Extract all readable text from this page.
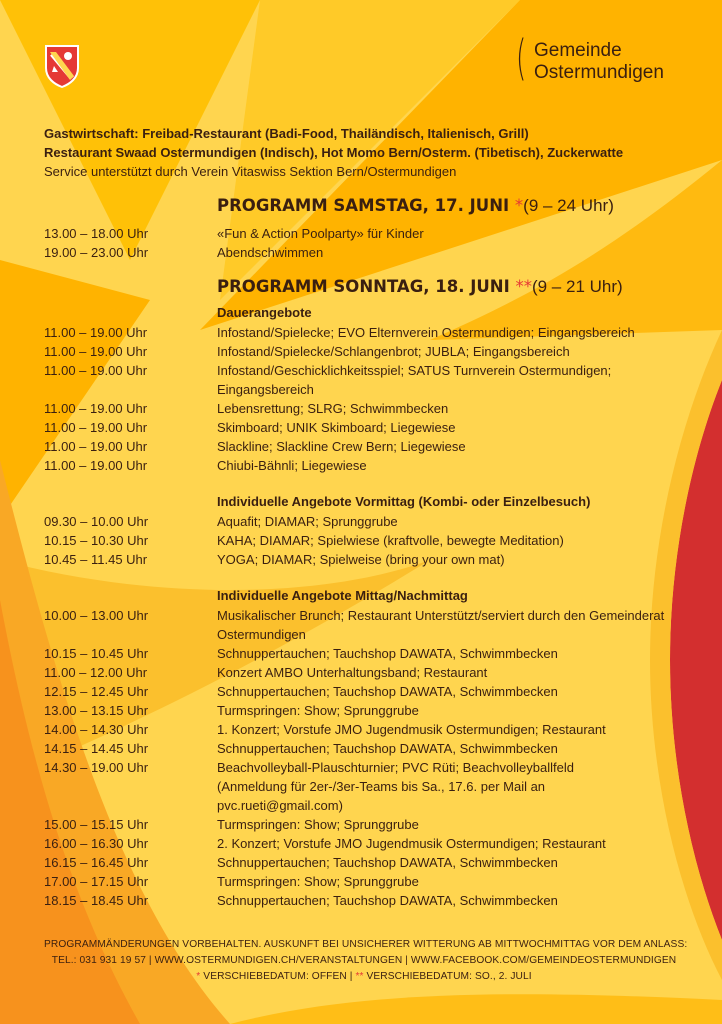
( Gemeinde
Ostermundigen
Gastwirtschaft: Freibad-Restaurant (Badi-Food, Thailändisch, Italienisch, Grill)
Restaurant Swaad Ostermundigen (Indisch), Hot Momo Bern/Osterm. (Tibetisch), Zuckerwatte
Service unterstützt durch Verein Vitaswiss Sektion Bern/Ostermundigen
PROGRAMM SAMSTAG, 17. JUNI *(9 – 24 Uhr)
13.00 – 18.00 Uhr	«Fun & Action Poolparty» für Kinder
19.00 – 23.00 Uhr	Abendschwimmen
PROGRAMM SONNTAG, 18. JUNI **(9 – 21 Uhr)
Dauerangebote
11.00 – 19.00 Uhr	Infostand/Spielecke; EVO Elternverein Ostermundigen; Eingangsbereich
11.00 – 19.00 Uhr	Infostand/Spielecke/Schlangenbrot; JUBLA; Eingangsbereich
11.00 – 19.00 Uhr	Infostand/Geschicklichkeitsspiel; SATUS Turnverein Ostermundigen; Eingangsbereich
11.00 – 19.00 Uhr	Lebensrettung; SLRG; Schwimmbecken
11.00 – 19.00 Uhr	Skimboard; UNIK Skimboard; Liegewiese
11.00 – 19.00 Uhr	Slackline; Slackline Crew Bern; Liegewiese
11.00 – 19.00 Uhr	Chiubi-Bähnli; Liegewiese
Individuelle Angebote Vormittag (Kombi- oder Einzelbesuch)
09.30 – 10.00 Uhr	Aquafit; DIAMAR; Sprunggrube
10.15 – 10.30 Uhr	KAHA; DIAMAR; Spielwiese (kraftvolle, bewegte Meditation)
10.45 – 11.45 Uhr	YOGA; DIAMAR; Spielweise (bring your own mat)
Individuelle Angebote Mittag/Nachmittag
10.00 – 13.00 Uhr	Musikalischer Brunch; Restaurant Unterstützt/serviert durch den Gemeinderat Ostermundigen
10.15 – 10.45 Uhr	Schnuppertauchen; Tauchshop DAWATA, Schwimmbecken
11.00 – 12.00 Uhr	Konzert AMBO Unterhaltungsband; Restaurant
12.15 – 12.45 Uhr	Schnuppertauchen; Tauchshop DAWATA, Schwimmbecken
13.00 – 13.15 Uhr	Turmspringen: Show; Sprunggrube
14.00 – 14.30 Uhr	1. Konzert; Vorstufe JMO Jugendmusik Ostermundigen; Restaurant
14.15 – 14.45 Uhr	Schnuppertauchen; Tauchshop DAWATA, Schwimmbecken
14.30 – 19.00 Uhr	Beachvolleyball-Plauschturnier; PVC Rüti; Beachvolleyballfeld (Anmeldung für 2er-/3er-Teams bis Sa., 17.6. per Mail an pvc.rueti@gmail.com)
15.00 – 15.15 Uhr	Turmspringen: Show; Sprunggrube
16.00 – 16.30 Uhr	2. Konzert; Vorstufe JMO Jugendmusik Ostermundigen; Restaurant
16.15 – 16.45 Uhr	Schnuppertauchen; Tauchshop DAWATA, Schwimmbecken
17.00 – 17.15 Uhr	Turmspringen: Show; Sprunggrube
18.15 – 18.45 Uhr	Schnuppertauchen; Tauchshop DAWATA, Schwimmbecken
PROGRAMMÄNDERUNGEN VORBEHALTEN. AUSKUNFT BEI UNSICHERER WITTERUNG AB MITTWOCHMITTAG VOR DEM ANLASS:
TEL.: 031 931 19 57 | WWW.OSTERMUNDIGEN.CH/VERANSTALTUNGEN | WWW.FACEBOOK.COM/GEMEINDEOSTERMUNDIGEN
* VERSCHIEBEDATUM: OFFEN | ** VERSCHIEBEDATUM: SO., 2. JULI
